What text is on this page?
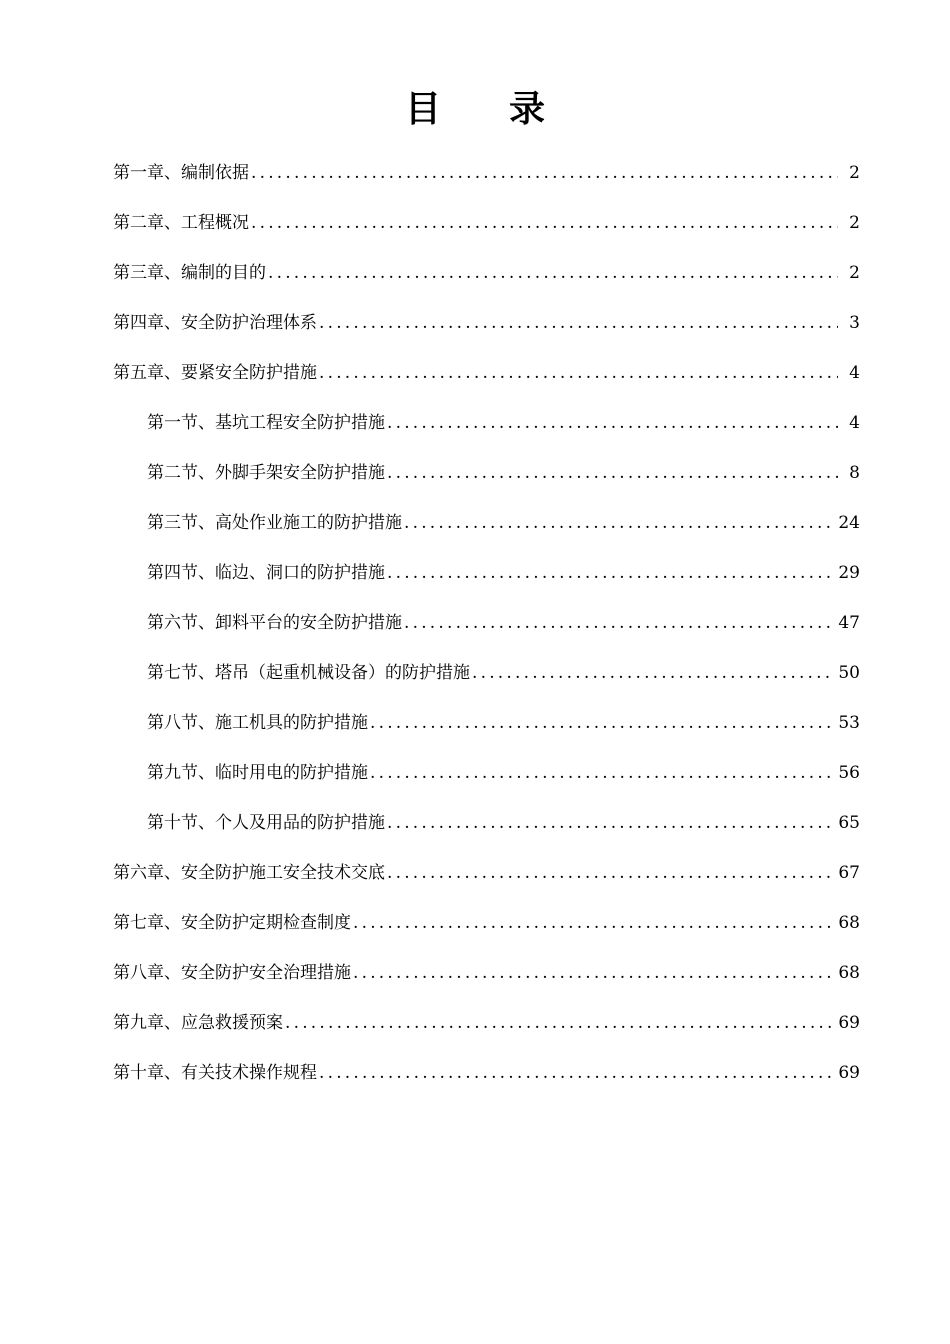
目 录
第一章、编制依据 .....	2
第二章、工程概况 .....	2
第三章、编制的目的 .....	2
第四章、安全防护治理体系 .....	3
第五章、要紧安全防护措施 .....	4
第一节、基坑工程安全防护措施 .....	4
第二节、外脚手架安全防护措施 .....	8
第三节、高处作业施工的防护措施 .....	24
第四节、临边、洞口的防护措施 .....	29
第六节、卸料平台的安全防护措施 .....	47
第七节、塔吊（起重机械设备）的防护措施 .....	50
第八节、施工机具的防护措施 .....	53
第九节、临时用电的防护措施 .....	56
第十节、个人及用品的防护措施 .....	65
第六章、安全防护施工安全技术交底 .....	67
第七章、安全防护定期检查制度 .....	68
第八章、安全防护安全治理措施 .....	68
第九章、应急救援预案 .....	69
第十章、有关技术操作规程 .....	69
